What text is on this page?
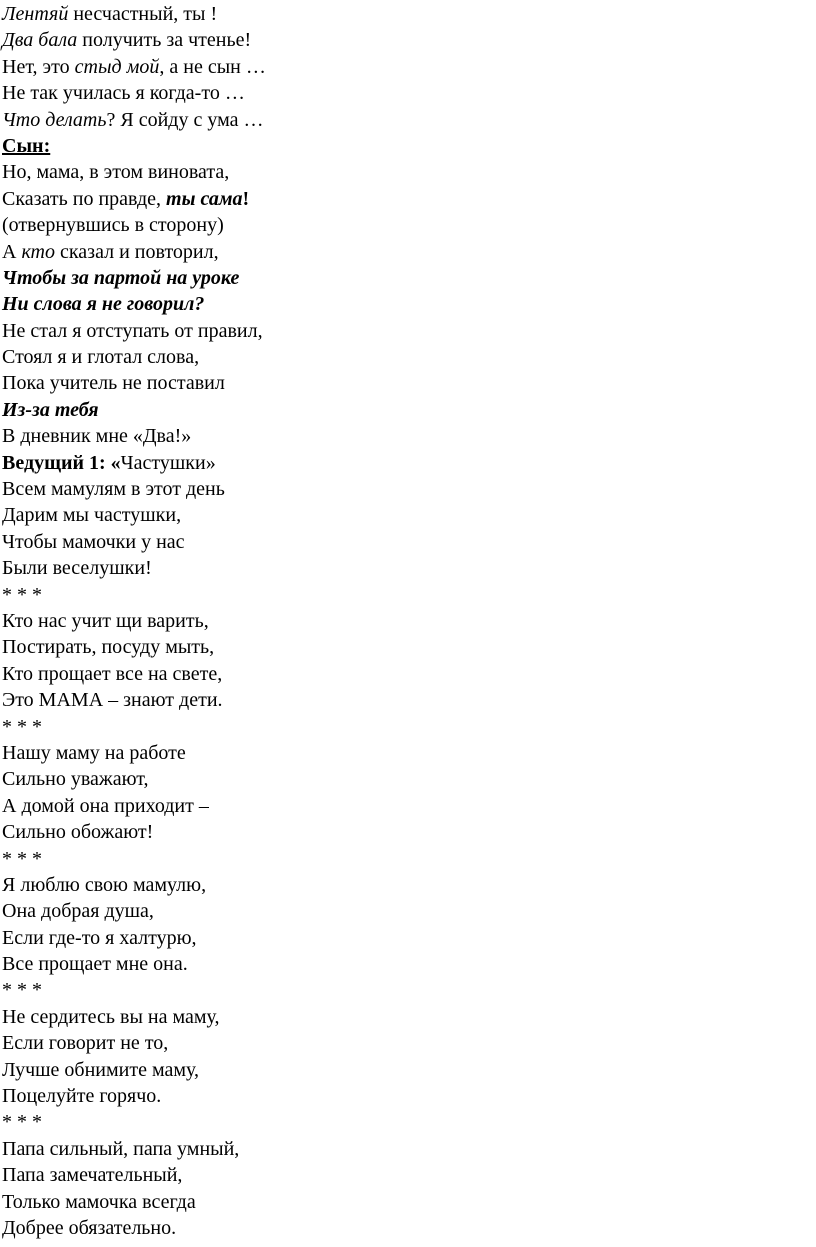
Лентяй несчастный, ты !
Два бала получить за чтенье!
Нет, это стыд мой, а не сын …
Не так училась я когда-то …
Что делать? Я сойду с ума …
Сын:
Но, мама, в этом виновата,
Сказать по правде, ты сама!
(отвернувшись в сторону)
А кто сказал и повторил,
Чтобы за партой на уроке
Ни слова я не говорил?
Не стал я отступать от правил,
Стоял я и глотал слова,
Пока учитель не поставил
Из-за тебя
В дневник мне «Два!»
Ведущий 1: «Частушки»
Всем мамулям в этот день
Дарим мы частушки,
Чтобы мамочки у нас
Были веселушки!
* * *
Кто нас учит щи варить,
Постирать, посуду мыть,
Кто прощает все на свете,
Это МАМА – знают дети.
* * *
Нашу маму на работе
Сильно уважают,
А домой она приходит –
Сильно обожают!
* * *
Я люблю свою мамулю,
Она добрая душа,
Если где-то я халтурю,
Все прощает мне она.
* * *
Не сердитесь вы на маму,
Если говорит не то,
Лучше обнимите маму,
Поцелуйте горячо.
* * *
Папа сильный, папа умный,
Папа замечательный,
Только мамочка всегда
Добрее обязательно.
